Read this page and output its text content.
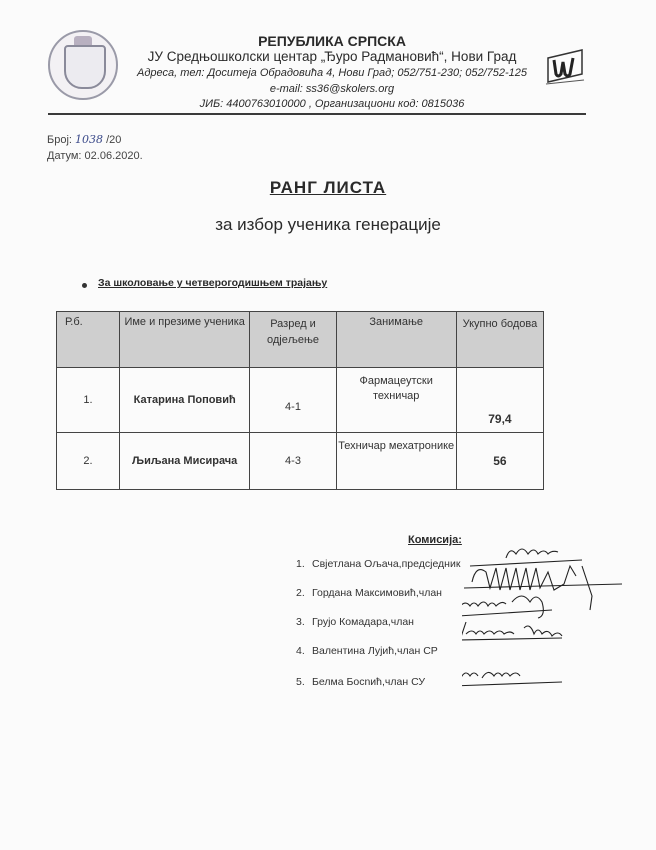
РЕПУБЛИКА СРПСКА
ЈУ Средњошколски центар „Ђуро Радмановић“, Нови Град
Адреса, тел: Доситеја Обрадовића 4, Нови Град; 052/751-230; 052/752-125
e-mail: ss36@skolers.org
ЈИБ: 4400763010000 , Организациони код: 0815036
Број: 1038 /20
Датум: 02.06.2020.
РАНГ ЛИСТА
за избор ученика генерације
За школовање у четверогодишњем трајању
Р.б.	Име и презиме ученика	Разред и одјељење	Занимање	Укупно бодова
1.	Катарина Поповић	4-1	Фармацеутски техничар	79,4
2.	Љиљана Мисирача	4-3	Техничар мехатронике	56
Комисија:
1. Свјетлана Ољача,предсједник
2. Гордана Максимовић,члан
3. Грујо Комадара,члан
4. Валентина Лујић,члан СР
5. Белма Босnић,члан СУ
